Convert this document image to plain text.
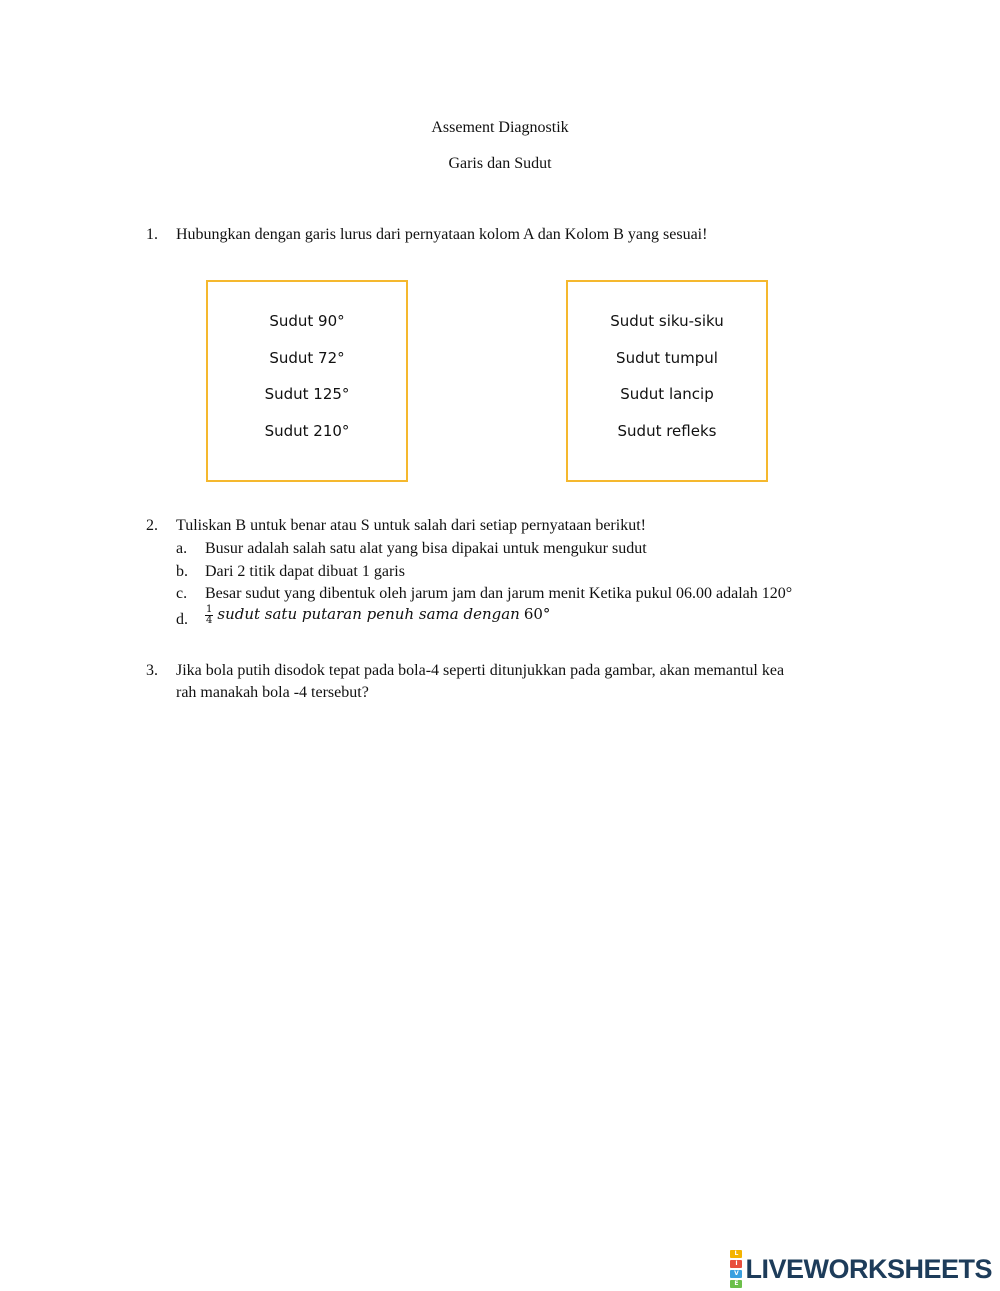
Assement Diagnostik
Garis dan Sudut
1. Hubungkan dengan garis lurus dari pernyataan kolom A dan Kolom B yang sesuai!
Sudut 90°
Sudut 72°
Sudut 125°
Sudut 210°
Sudut siku-siku
Sudut tumpul
Sudut lancip
Sudut refleks
2. Tuliskan B untuk benar atau S untuk salah dari setiap pernyataan berikut!
a. Busur adalah salah satu alat yang bisa dipakai untuk mengukur sudut
b. Dari 2 titik dapat dibuat 1 garis
c. Besar sudut yang dibentuk oleh jarum jam dan jarum menit Ketika pukul 06.00 adalah 120°
d. $\frac{1}{4}$ sudut satu putaran penuh sama dengan 60°
3. Jika bola putih disodok tepat pada bola-4 seperti ditunjukkan pada gambar, akan memantul kea
rah manakah bola -4 tersebut?
L
I
V
E LIVEWORKSHEETS
